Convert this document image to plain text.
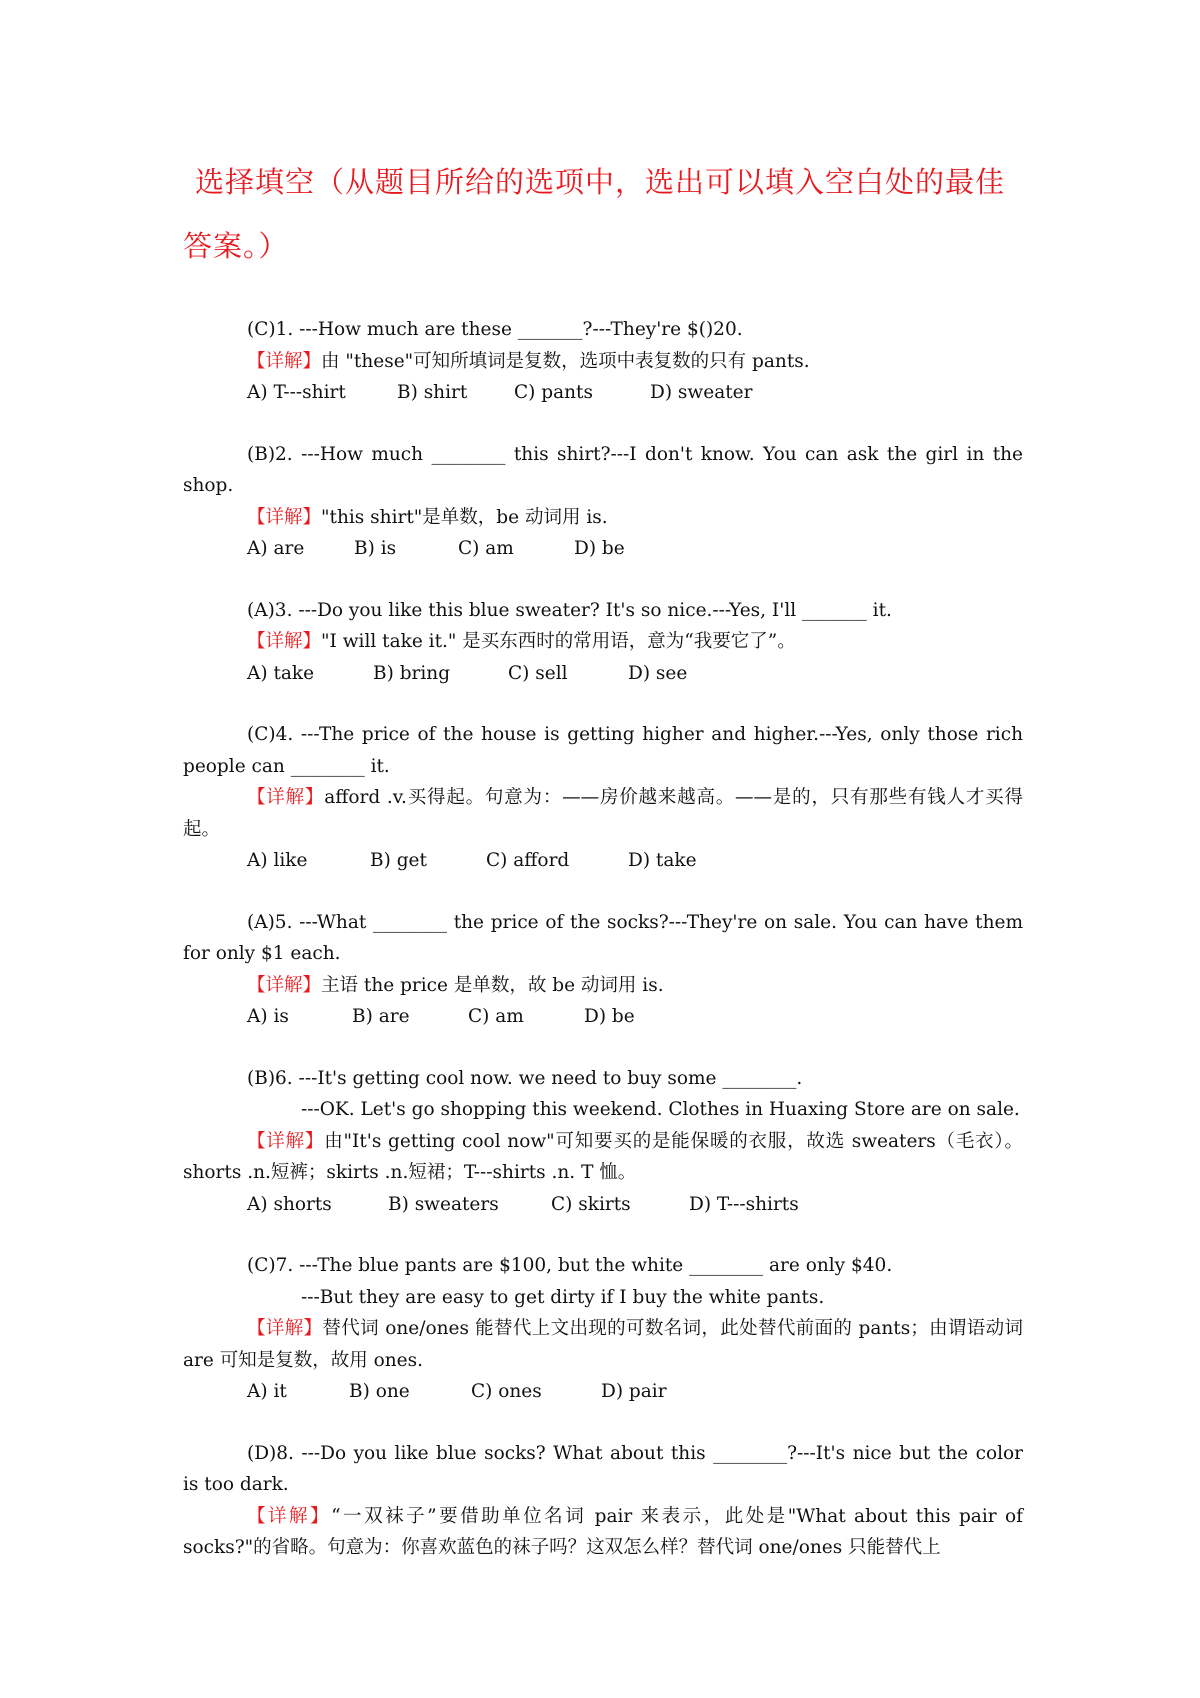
选择填空（从题目所给的选项中，选出可以填入空白处的最佳答案。）
(C)1. ---How much are these _______?---They're $()20.
【详解】由 "these"可知所填词是复数，选项中表复数的只有 pants.
A) T---shirt	B) shirt	C) pants	D) sweater
(B)2. ---How much ________ this shirt?---I don't know. You can ask the girl in the shop.
【详解】"this shirt"是单数，be 动词用 is.
A) are	B) is	C) am	D) be
(A)3. ---Do you like this blue sweater? It's so nice.---Yes, I'll _______ it.
【详解】"I will take it." 是买东西时的常用语，意为“我要它了”。
A) take	B) bring	C) sell	D) see
(C)4. ---The price of the house is getting higher and higher.---Yes, only those rich people can ________ it.
【详解】afford .v.买得起。句意为：——房价越来越高。——是的，只有那些有钱人才买得起。
A) like	B) get	C) afford	D) take
(A)5. ---What ________ the price of the socks?---They're on sale. You can have them for only $1 each.
【详解】主语 the price 是单数，故 be 动词用 is.
A) is	B) are	C) am	D) be
(B)6. ---It's getting cool now. we need to buy some ________.
---OK. Let's go shopping this weekend. Clothes in Huaxing Store are on sale.
【详解】由"It's getting cool now"可知要买的是能保暖的衣服，故选 sweaters（毛衣）。shorts .n.短裤；skirts .n.短裙；T---shirts .n. T 恤。
A) shorts	B) sweaters	C) skirts	D) T---shirts
(C)7. ---The blue pants are $100, but the white ________ are only $40.
---But they are easy to get dirty if I buy the white pants.
【详解】替代词 one/ones 能替代上文出现的可数名词，此处替代前面的 pants；由谓语动词 are 可知是复数，故用 ones.
A) it	B) one	C) ones	D) pair
(D)8. ---Do you like blue socks? What about this ________?---It's nice but the color is too dark.
【详解】“一双袜子”要借助单位名词 pair 来表示，此处是"What about this pair of socks?"的省略。句意为：你喜欢蓝色的袜子吗？这双怎么样？替代词 one/ones 只能替代上
